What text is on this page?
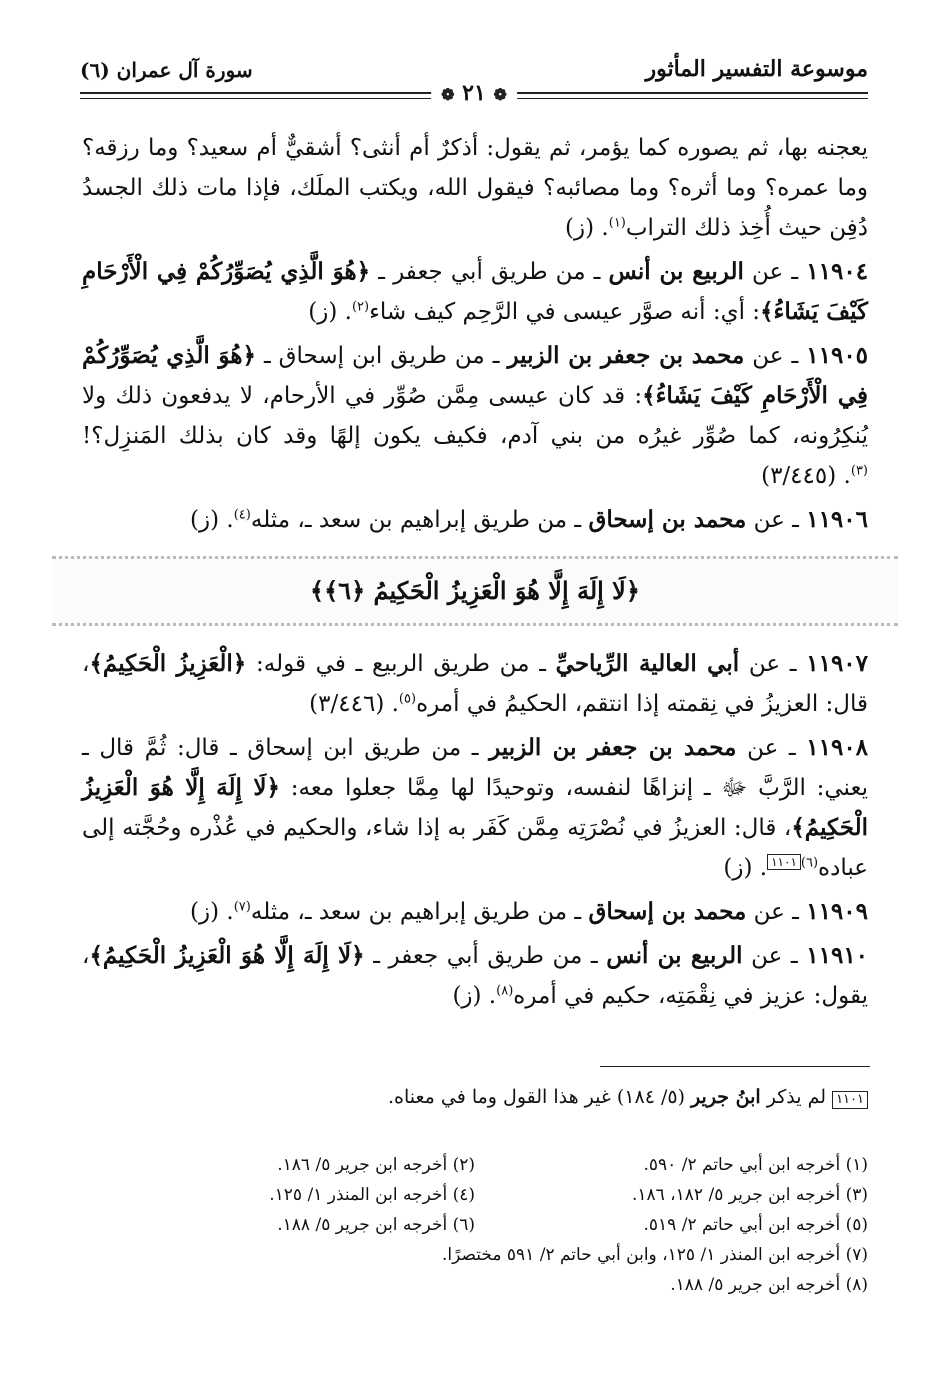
موسوعة التفسير المأثور
سورة آل عمران (٦)
❁ ٢١ ❁

يعجنه بها، ثم يصوره كما يؤمر، ثم يقول: أذكرٌ أم أنثى؟ أشقيٌّ أم سعيد؟ وما رزقه؟ وما عمره؟ وما أثره؟ وما مصائبه؟ فيقول الله، ويكتب الملَك، فإذا مات ذلك الجسدُ دُفِن حيث أُخِذ ذلك التراب$^{(١)}$. (ز)

١١٩٠٤ ـ عن الربيع بن أنس ـ من طريق أبي جعفر ـ ﴿هُوَ الَّذِي يُصَوِّرُكُمْ فِي الْأَرْحَامِ كَيْفَ يَشَاءُ﴾: أي: أنه صوَّر عيسى في الرَّحِم كيف شاء$^{(٢)}$. (ز)

١١٩٠٥ ـ عن محمد بن جعفر بن الزبير ـ من طريق ابن إسحاق ـ ﴿هُوَ الَّذِي يُصَوِّرُكُمْ فِي الْأَرْحَامِ كَيْفَ يَشَاءُ﴾: قد كان عيسى مِمَّن صُوِّر في الأرحام، لا يدفعون ذلك ولا يُنكِرُونه، كما صُوِّر غيرُه من بني آدم، فكيف يكون إلهًا وقد كان بذلك المَنزِل؟!$^{(٣)}$. (٣/٤٤٥)

١١٩٠٦ ـ عن محمد بن إسحاق ـ من طريق إبراهيم بن سعد ـ، مثله$^{(٤)}$. (ز)

﴿لَا إِلَهَ إِلَّا هُوَ الْعَزِيزُ الْحَكِيمُ ﴿٦﴾﴾

١١٩٠٧ ـ عن أبي العالية الرِّياحيِّ ـ من طريق الربيع ـ في قوله: ﴿الْعَزِيزُ الْحَكِيمُ﴾، قال: العزيزُ في نِقمته إذا انتقم، الحكيمُ في أمره$^{(٥)}$. (٣/٤٤٦)

١١٩٠٨ ـ عن محمد بن جعفر بن الزبير ـ من طريق ابن إسحاق ـ قال: ثُمَّ قال ـ يعني: الرَّبَّ ﷻ ـ إنزاهًا لنفسه، وتوحيدًا لها مِمَّا جعلوا معه: ﴿لَا إِلَهَ إِلَّا هُوَ الْعَزِيزُ الْحَكِيمُ﴾، قال: العزيزُ في نُصْرَتِه مِمَّن كَفَر به إذا شاء، والحكيم في عُذْره وحُجَّته إلى عباده$^{(٦)}$١١٠١. (ز)

١١٩٠٩ ـ عن محمد بن إسحاق ـ من طريق إبراهيم بن سعد ـ، مثله$^{(٧)}$. (ز)

١١٩١٠ ـ عن الربيع بن أنس ـ من طريق أبي جعفر ـ ﴿لَا إِلَهَ إِلَّا هُوَ الْعَزِيزُ الْحَكِيمُ﴾، يقول: عزيز في نِقْمَتِه، حكيم في أمره$^{(٨)}$. (ز)

١١٠١ لم يذكر ابنُ جرير (٥/ ١٨٤) غير هذا القول وما في معناه.
(١) أخرجه ابن أبي حاتم ٢/ ٥٩٠.
(٢) أخرجه ابن جرير ٥/ ١٨٦.
(٣) أخرجه ابن جرير ٥/ ١٨٢، ١٨٦.
(٤) أخرجه ابن المنذر ١/ ١٢٥.
(٥) أخرجه ابن أبي حاتم ٢/ ٥١٩.
(٦) أخرجه ابن جرير ٥/ ١٨٨.
(٧) أخرجه ابن المنذر ١/ ١٢٥، وابن أبي حاتم ٢/ ٥٩١ مختصرًا.
(٨) أخرجه ابن جرير ٥/ ١٨٨.
